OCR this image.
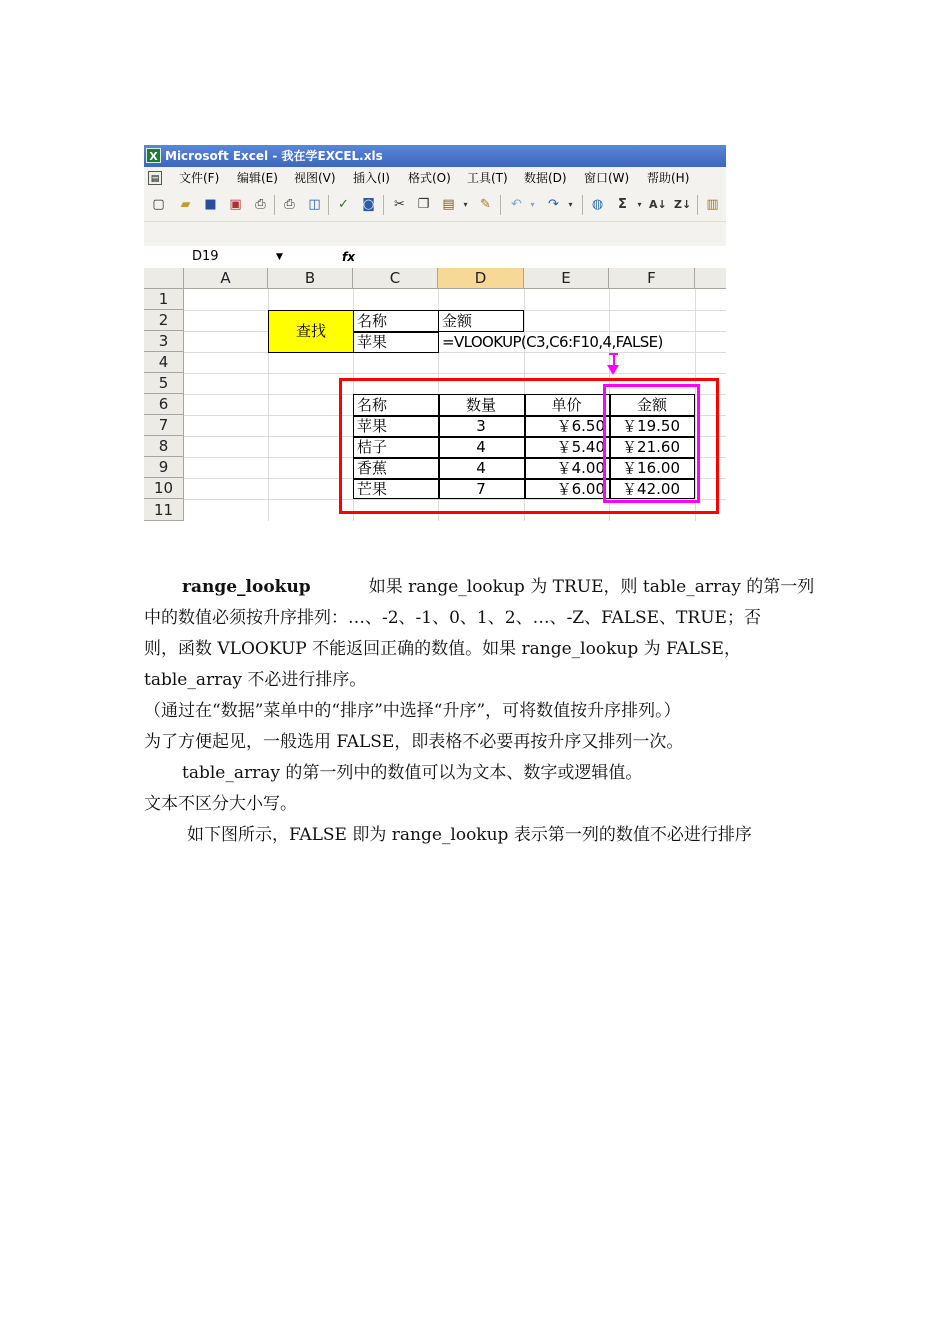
X Microsoft Excel - 我在学EXCEL.xls
▤ 文件(F) 编辑(E) 视图(V) 插入(I) 格式(O) 工具(T) 数据(D) 窗口(W) 帮助(H)
▢ ▰ ■ ▣ ⎙ ⎙ ◫ ✓ ◙ ✂ ❐ ▤	▾ ✎ ↶	▾	↷	▾	◍	Σ	▾ A↓ Z↓ ▥
D19	▼	fx
A	B	C	D	E	F
1
2
3
4
5
6
7
8
9
10
11
查找
名称	金额
苹果	=VLOOKUP(C3,C6:F10,4,FALSE)
名称	数量	单价	金额
苹果	3	￥6.50	￥19.50
桔子	4	￥5.40	￥21.60
香蕉	4	￥4.00	￥16.00
芒果	7	￥6.00	￥42.00
range_lookup	如果 range_lookup 为 TRUE，则 table_array 的第一列
中的数值必须按升序排列：…、-2、-1、0、1、2、…、-Z、FALSE、TRUE；否
则，函数 VLOOKUP 不能返回正确的数值。如果 range_lookup 为 FALSE，
table_array 不必进行排序。
（通过在“数据”菜单中的“排序”中选择“升序”，可将数值按升序排列。）
为了方便起见，一般选用 FALSE，即表格不必要再按升序又排列一次。
table_array 的第一列中的数值可以为文本、数字或逻辑值。
文本不区分大小写。
如下图所示，FALSE 即为 range_lookup 表示第一列的数值不必进行排序
